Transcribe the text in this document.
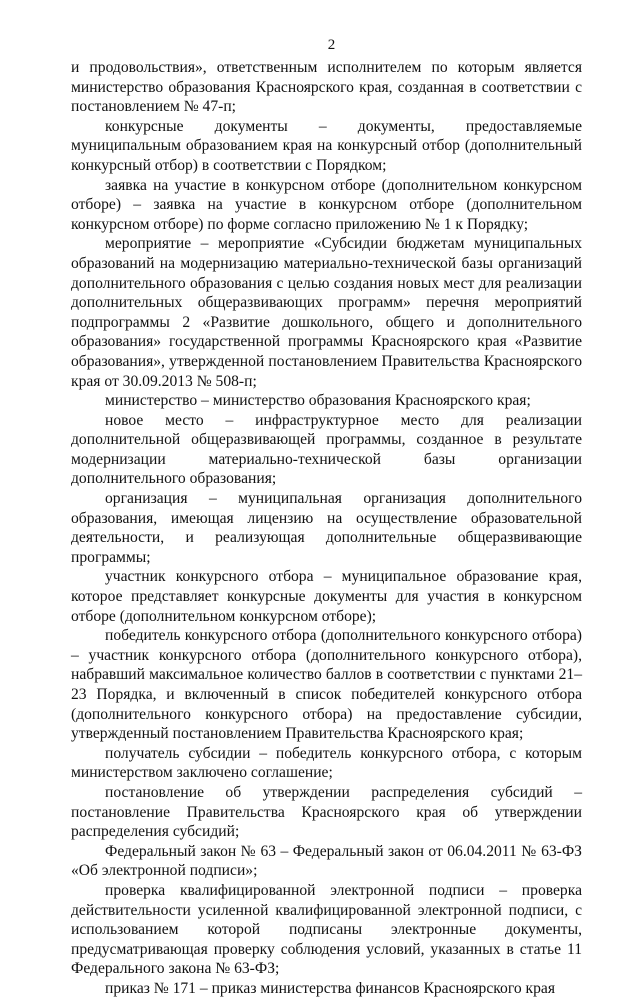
2

и продовольствия», ответственным исполнителем по которым является министерство образования Красноярского края, созданная в соответствии с постановлением № 47-п;

конкурсные документы – документы, предоставляемые муниципальным образованием края на конкурсный отбор (дополнительный конкурсный отбор) в соответствии с Порядком;

заявка на участие в конкурсном отборе (дополнительном конкурсном отборе) – заявка на участие в конкурсном отборе (дополнительном конкурсном отборе) по форме согласно приложению № 1 к Порядку;

мероприятие – мероприятие «Субсидии бюджетам муниципальных образований на модернизацию материально-технической базы организаций дополнительного образования с целью создания новых мест для реализации дополнительных общеразвивающих программ» перечня мероприятий подпрограммы 2 «Развитие дошкольного, общего и дополнительного образования» государственной программы Красноярского края «Развитие образования», утвержденной постановлением Правительства Красноярского края от 30.09.2013 № 508-п;

министерство – министерство образования Красноярского края;

новое место – инфраструктурное место для реализации дополнительной общеразвивающей программы, созданное в результате модернизации материально-технической базы организации дополнительного образования;

организация – муниципальная организация дополнительного образования, имеющая лицензию на осуществление образовательной деятельности, и реализующая дополнительные общеразвивающие программы;

участник конкурсного отбора – муниципальное образование края, которое представляет конкурсные документы для участия в конкурсном отборе (дополнительном конкурсном отборе);

победитель конкурсного отбора (дополнительного конкурсного отбора) – участник конкурсного отбора (дополнительного конкурсного отбора), набравший максимальное количество баллов в соответствии с пунктами 21–23 Порядка, и включенный в список победителей конкурсного отбора (дополнительного конкурсного отбора) на предоставление субсидии, утвержденный постановлением Правительства Красноярского края;

получатель субсидии – победитель конкурсного отбора, с которым министерством заключено соглашение;

постановление об утверждении распределения субсидий – постановление Правительства Красноярского края об утверждении распределения субсидий;

Федеральный закон № 63 – Федеральный закон от 06.04.2011 № 63-ФЗ «Об электронной подписи»;

проверка квалифицированной электронной подписи – проверка действительности усиленной квалифицированной электронной подписи, с использованием которой подписаны электронные документы, предусматривающая проверку соблюдения условий, указанных в статье 11 Федерального закона № 63-ФЗ;

приказ № 171 – приказ министерства финансов Красноярского края
